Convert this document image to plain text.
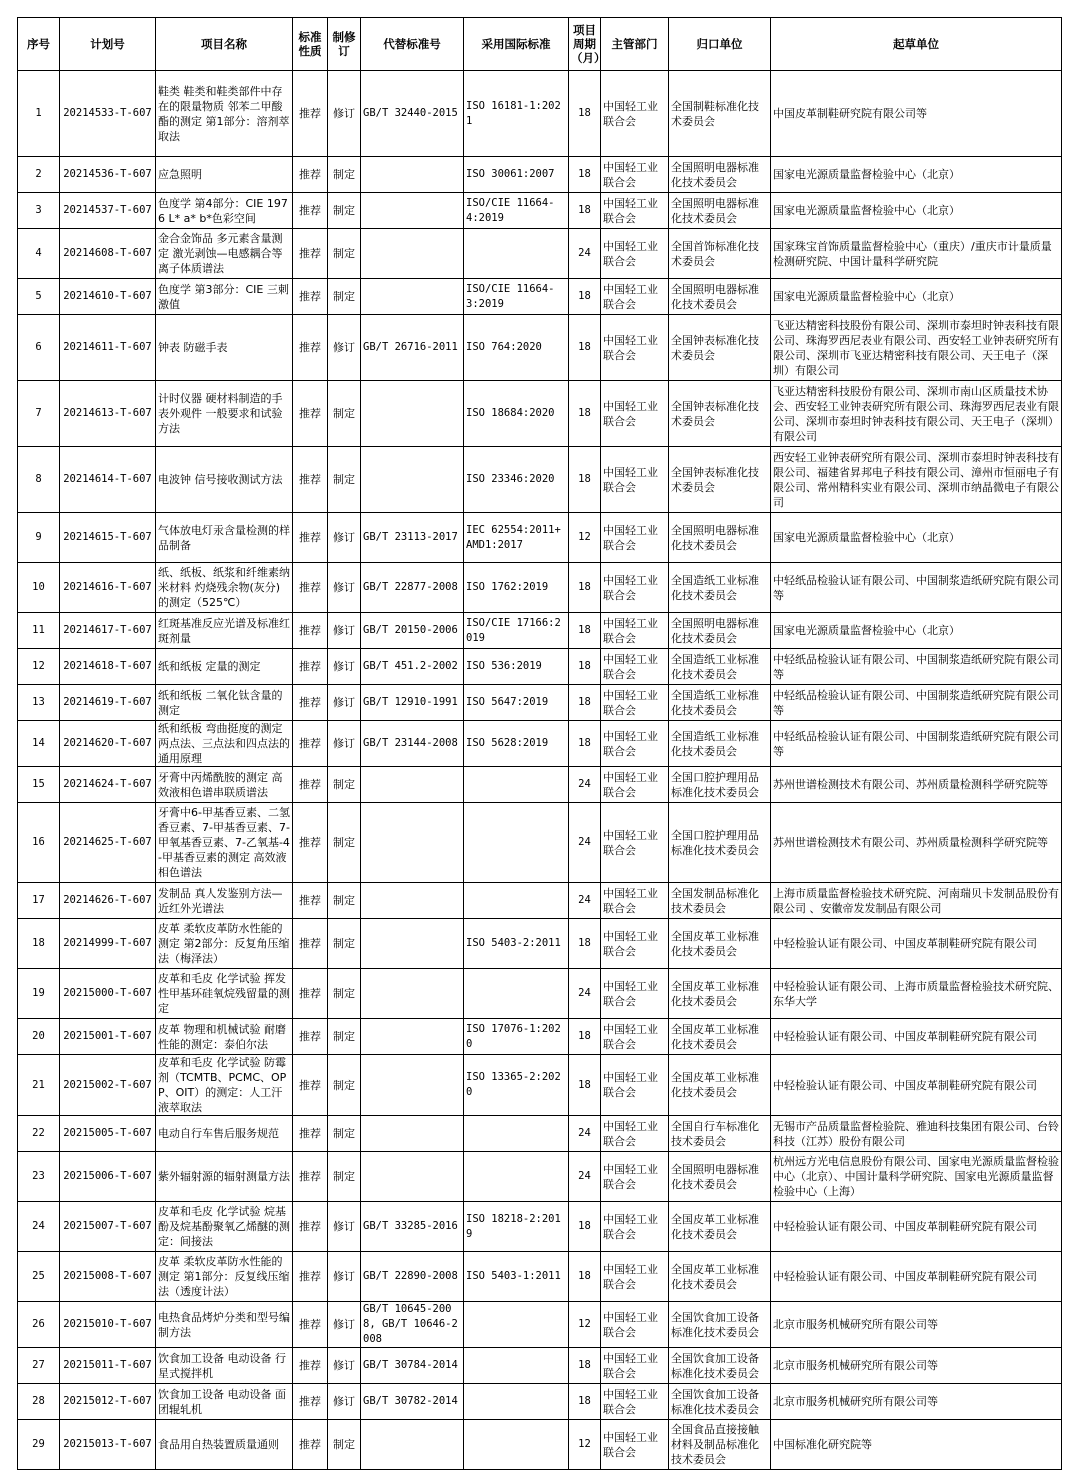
序号	计划号	项目名称	标准性质	制修订	代替标准号	采用国际标准	项目周期（月）	主管部门	归口单位	起草单位
1	20214533-T-607	鞋类 鞋类和鞋类部件中存在的限量物质 邻苯二甲酸酯的测定 第1部分：溶剂萃取法	推荐	修订	GB/T 32440-2015	ISO 16181-1:2021	18	中国轻工业联合会	全国制鞋标准化技术委员会	中国皮革制鞋研究院有限公司等
2	20214536-T-607	应急照明	推荐	制定		ISO 30061:2007	18	中国轻工业联合会	全国照明电器标准化技术委员会	国家电光源质量监督检验中心（北京）
3	20214537-T-607	色度学 第4部分：CIE 1976 L* a* b*色彩空间	推荐	制定		ISO/CIE 11664-4:2019	18	中国轻工业联合会	全国照明电器标准化技术委员会	国家电光源质量监督检验中心（北京）
4	20214608-T-607	金合金饰品 多元素含量测定 激光剥蚀—电感耦合等离子体质谱法	推荐	制定			24	中国轻工业联合会	全国首饰标准化技术委员会	国家珠宝首饰质量监督检验中心（重庆）/重庆市计量质量检测研究院、中国计量科学研究院
5	20214610-T-607	色度学 第3部分：CIE 三刺激值	推荐	制定		ISO/CIE 11664-3:2019	18	中国轻工业联合会	全国照明电器标准化技术委员会	国家电光源质量监督检验中心（北京）
6	20214611-T-607	钟表 防磁手表	推荐	修订	GB/T 26716-2011	ISO 764:2020	18	中国轻工业联合会	全国钟表标准化技术委员会	飞亚达精密科技股份有限公司、深圳市泰坦时钟表科技有限公司、珠海罗西尼表业有限公司、西安轻工业钟表研究所有限公司、深圳市飞亚达精密科技有限公司、天王电子（深圳）有限公司
7	20214613-T-607	计时仪器 硬材料制造的手表外观件 一般要求和试验方法	推荐	制定		ISO 18684:2020	18	中国轻工业联合会	全国钟表标准化技术委员会	飞亚达精密科技股份有限公司、深圳市南山区质量技术协会、西安轻工业钟表研究所有限公司、珠海罗西尼表业有限公司、深圳市泰坦时钟表科技有限公司、天王电子（深圳）有限公司
8	20214614-T-607	电波钟 信号接收测试方法	推荐	制定		ISO 23346:2020	18	中国轻工业联合会	全国钟表标准化技术委员会	西安轻工业钟表研究所有限公司、深圳市泰坦时钟表科技有限公司、福建省昇邦电子科技有限公司、漳州市恒丽电子有限公司、常州精科实业有限公司、深圳市纳晶微电子有限公司
9	20214615-T-607	气体放电灯汞含量检测的样品制备	推荐	修订	GB/T 23113-2017	IEC 62554:2011+AMD1:2017	12	中国轻工业联合会	全国照明电器标准化技术委员会	国家电光源质量监督检验中心（北京）
10	20214616-T-607	纸、纸板、纸浆和纤维素纳米材料 灼烧残余物(灰分)的测定（525℃）	推荐	修订	GB/T 22877-2008	ISO 1762:2019	18	中国轻工业联合会	全国造纸工业标准化技术委员会	中轻纸品检验认证有限公司、中国制浆造纸研究院有限公司等
11	20214617-T-607	红斑基准反应光谱及标准红斑剂量	推荐	修订	GB/T 20150-2006	ISO/CIE 17166:2019	18	中国轻工业联合会	全国照明电器标准化技术委员会	国家电光源质量监督检验中心（北京）
12	20214618-T-607	纸和纸板 定量的测定	推荐	修订	GB/T 451.2-2002	ISO 536:2019	18	中国轻工业联合会	全国造纸工业标准化技术委员会	中轻纸品检验认证有限公司、中国制浆造纸研究院有限公司等
13	20214619-T-607	纸和纸板 二氧化钛含量的测定	推荐	修订	GB/T 12910-1991	ISO 5647:2019	18	中国轻工业联合会	全国造纸工业标准化技术委员会	中轻纸品检验认证有限公司、中国制浆造纸研究院有限公司等
14	20214620-T-607	纸和纸板 弯曲挺度的测定 两点法、三点法和四点法的通用原理	推荐	修订	GB/T 23144-2008	ISO 5628:2019	18	中国轻工业联合会	全国造纸工业标准化技术委员会	中轻纸品检验认证有限公司、中国制浆造纸研究院有限公司等
15	20214624-T-607	牙膏中丙烯酰胺的测定 高效液相色谱串联质谱法	推荐	制定			24	中国轻工业联合会	全国口腔护理用品标准化技术委员会	苏州世谱检测技术有限公司、苏州质量检测科学研究院等
16	20214625-T-607	牙膏中6-甲基香豆素、二氢香豆素、7-甲基香豆素、7-甲氧基香豆素、7-乙氧基-4-甲基香豆素的测定 高效液相色谱法	推荐	制定			24	中国轻工业联合会	全国口腔护理用品标准化技术委员会	苏州世谱检测技术有限公司、苏州质量检测科学研究院等
17	20214626-T-607	发制品 真人发鉴别方法—近红外光谱法	推荐	制定			24	中国轻工业联合会	全国发制品标准化技术委员会	上海市质量监督检验技术研究院、河南瑞贝卡发制品股份有限公司 、安徽帝发发制品有限公司
18	20214999-T-607	皮革 柔软皮革防水性能的测定 第2部分：反复角压缩法（梅泽法）	推荐	制定		ISO 5403-2:2011	18	中国轻工业联合会	全国皮革工业标准化技术委员会	中轻检验认证有限公司、中国皮革制鞋研究院有限公司
19	20215000-T-607	皮革和毛皮 化学试验 挥发性甲基环硅氧烷残留量的测定	推荐	制定			24	中国轻工业联合会	全国皮革工业标准化技术委员会	中轻检验认证有限公司、上海市质量监督检验技术研究院、东华大学
20	20215001-T-607	皮革 物理和机械试验 耐磨性能的测定：泰伯尔法	推荐	制定		ISO 17076-1:2020	18	中国轻工业联合会	全国皮革工业标准化技术委员会	中轻检验认证有限公司、中国皮革制鞋研究院有限公司
21	20215002-T-607	皮革和毛皮 化学试验 防霉剂（TCMTB、PCMC、OPP、OIT）的测定：人工汗液萃取法	推荐	制定		ISO 13365-2:2020	18	中国轻工业联合会	全国皮革工业标准化技术委员会	中轻检验认证有限公司、中国皮革制鞋研究院有限公司
22	20215005-T-607	电动自行车售后服务规范	推荐	制定			24	中国轻工业联合会	全国自行车标准化技术委员会	无锡市产品质量监督检验院、雅迪科技集团有限公司、台铃科技（江苏）股份有限公司
23	20215006-T-607	紫外辐射源的辐射测量方法	推荐	制定			24	中国轻工业联合会	全国照明电器标准化技术委员会	杭州远方光电信息股份有限公司、国家电光源质量监督检验中心（北京）、中国计量科学研究院、国家电光源质量监督检验中心（上海）
24	20215007-T-607	皮革和毛皮 化学试验 烷基酚及烷基酚聚氧乙烯醚的测定：间接法	推荐	修订	GB/T 33285-2016	ISO 18218-2:2019	18	中国轻工业联合会	全国皮革工业标准化技术委员会	中轻检验认证有限公司、中国皮革制鞋研究院有限公司
25	20215008-T-607	皮革 柔软皮革防水性能的测定 第1部分：反复线压缩法（透度计法）	推荐	修订	GB/T 22890-2008	ISO 5403-1:2011	18	中国轻工业联合会	全国皮革工业标准化技术委员会	中轻检验认证有限公司、中国皮革制鞋研究院有限公司
26	20215010-T-607	电热食品烤炉分类和型号编制方法	推荐	修订	GB/T 10645-2008, GB/T 10646-2008		12	中国轻工业联合会	全国饮食加工设备标准化技术委员会	北京市服务机械研究所有限公司等
27	20215011-T-607	饮食加工设备 电动设备 行星式搅拌机	推荐	修订	GB/T 30784-2014		18	中国轻工业联合会	全国饮食加工设备标准化技术委员会	北京市服务机械研究所有限公司等
28	20215012-T-607	饮食加工设备 电动设备 面团辊轧机	推荐	修订	GB/T 30782-2014		18	中国轻工业联合会	全国饮食加工设备标准化技术委员会	北京市服务机械研究所有限公司等
29	20215013-T-607	食品用自热装置质量通则	推荐	制定			12	中国轻工业联合会	全国食品直接接触材料及制品标准化技术委员会	中国标准化研究院等
